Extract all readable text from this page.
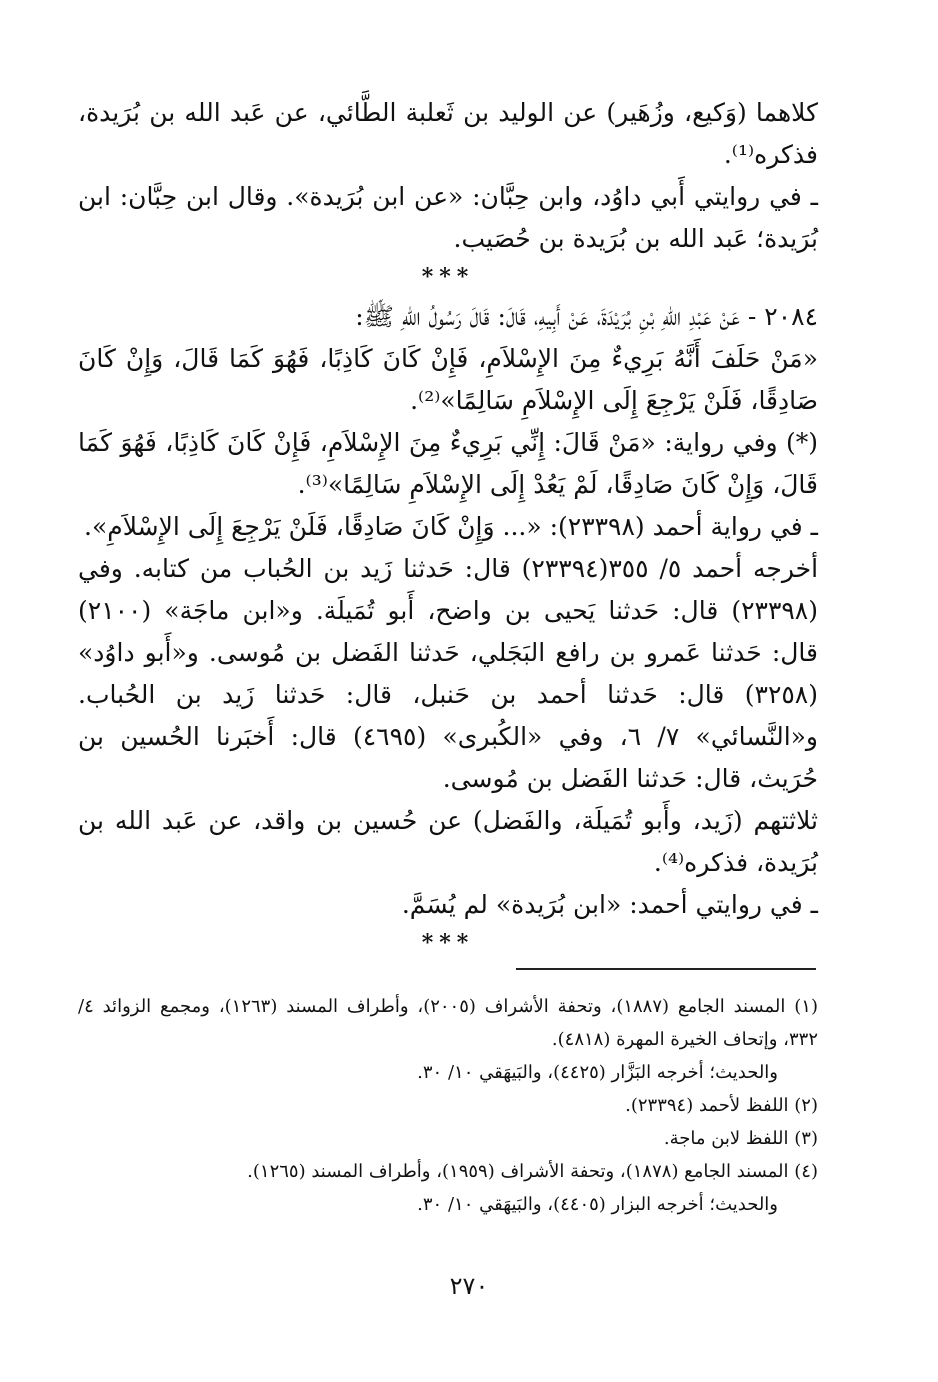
كلاهما (وَكيع، وزُهَير) عن الوليد بن ثَعلبة الطَّائي، عن عَبد الله بن بُرَيدة، فذكره⁽¹⁾.

ـ في روايتي أَبي داوُد، وابن حِبَّان: «عن ابن بُرَيدة». وقال ابن حِبَّان: ابن بُرَيدة؛ عَبد الله بن بُرَيدة بن حُصَيب.

***

٢٠٨٤ - عَنْ عَبْدِ اللهِ بْنِ بُرَيْدَةَ، عَنْ أَبِيهِ، قَالَ: قَالَ رَسُولُ اللهِ ﷺ:

«مَنْ حَلَفَ أَنَّهُ بَرِيءٌ مِنَ الإِسْلاَمِ، فَإِنْ كَانَ كَاذِبًا، فَهُوَ كَمَا قَالَ، وَإِنْ كَانَ صَادِقًا، فَلَنْ يَرْجِعَ إِلَى الإِسْلاَمِ سَالِمًا»⁽²⁾.

(*) وفي رواية: «مَنْ قَالَ: إِنِّي بَرِيءٌ مِنَ الإِسْلاَمِ، فَإِنْ كَانَ كَاذِبًا، فَهُوَ كَمَا قَالَ، وَإِنْ كَانَ صَادِقًا، لَمْ يَعُدْ إِلَى الإِسْلاَمِ سَالِمًا»⁽³⁾.

ـ في رواية أحمد (٢٣٣٩٨): «... وَإِنْ كَانَ صَادِقًا، فَلَنْ يَرْجِعَ إِلَى الإِسْلاَمِ».

أخرجه أحمد ٥/ ٣٥٥(٢٣٣٩٤) قال: حَدثنا زَيد بن الحُباب من كتابه. وفي (٢٣٣٩٨) قال: حَدثنا يَحيى بن واضح، أَبو تُمَيلَة. و«ابن ماجَة» (٢١٠٠) قال: حَدثنا عَمرو بن رافع البَجَلي، حَدثنا الفَضل بن مُوسى. و«أَبو داوُد» (٣٢٥٨) قال: حَدثنا أحمد بن حَنبل، قال: حَدثنا زَيد بن الحُباب. و«النَّسائي» ٧/ ٦، وفي «الكُبرى» (٤٦٩٥) قال: أَخبَرنا الحُسين بن حُرَيث، قال: حَدثنا الفَضل بن مُوسى.

ثلاثتهم (زَيد، وأَبو تُمَيلَة، والفَضل) عن حُسين بن واقد، عن عَبد الله بن بُرَيدة، فذكره⁽⁴⁾.

ـ في روايتي أحمد: «ابن بُرَيدة» لم يُسَمَّ.

***

(١) المسند الجامع (١٨٨٧)، وتحفة الأشراف (٢٠٠٥)، وأطراف المسند (١٢٦٣)، ومجمع الزوائد ٤/ ٣٣٢، وإتحاف الخيرة المهرة (٤٨١٨).

والحديث؛ أخرجه البَزَّار (٤٤٢٥)، والبَيهَقي ١٠/ ٣٠.

(٢) اللفظ لأحمد (٢٣٣٩٤).

(٣) اللفظ لابن ماجة.

(٤) المسند الجامع (١٨٧٨)، وتحفة الأشراف (١٩٥٩)، وأطراف المسند (١٢٦٥).

والحديث؛ أخرجه البزار (٤٤٠٥)، والبَيهَقي ١٠/ ٣٠.

٢٧٠
